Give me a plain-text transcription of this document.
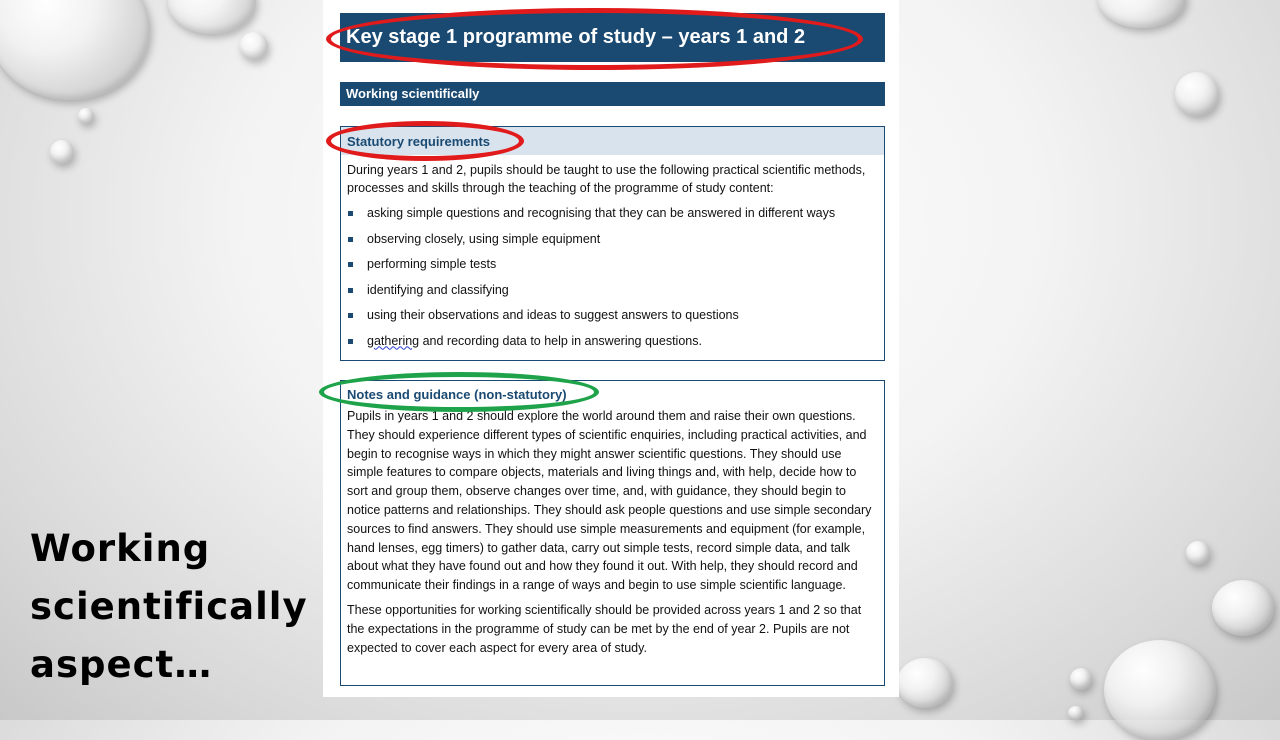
Working
scientifically
aspect…
Key stage 1 programme of study – years 1 and 2
Working scientifically
Statutory requirements
During years 1 and 2, pupils should be taught to use the following practical scientific methods, processes and skills through the teaching of the programme of study content:
asking simple questions and recognising that they can be answered in different ways
observing closely, using simple equipment
performing simple tests
identifying and classifying
using their observations and ideas to suggest answers to questions
gathering and recording data to help in answering questions.
Notes and guidance (non-statutory)

Pupils in years 1 and 2 should explore the world around them and raise their own questions. They should experience different types of scientific enquiries, including practical activities, and begin to recognise ways in which they might answer scientific questions. They should use simple features to compare objects, materials and living things and, with help, decide how to sort and group them, observe changes over time, and, with guidance, they should begin to notice patterns and relationships. They should ask people questions and use simple secondary sources to find answers. They should use simple measurements and equipment (for example, hand lenses, egg timers) to gather data, carry out simple tests, record simple data, and talk about what they have found out and how they found it out. With help, they should record and communicate their findings in a range of ways and begin to use simple scientific language.

These opportunities for working scientifically should be provided across years 1 and 2 so that the expectations in the programme of study can be met by the end of year 2. Pupils are not expected to cover each aspect for every area of study.
